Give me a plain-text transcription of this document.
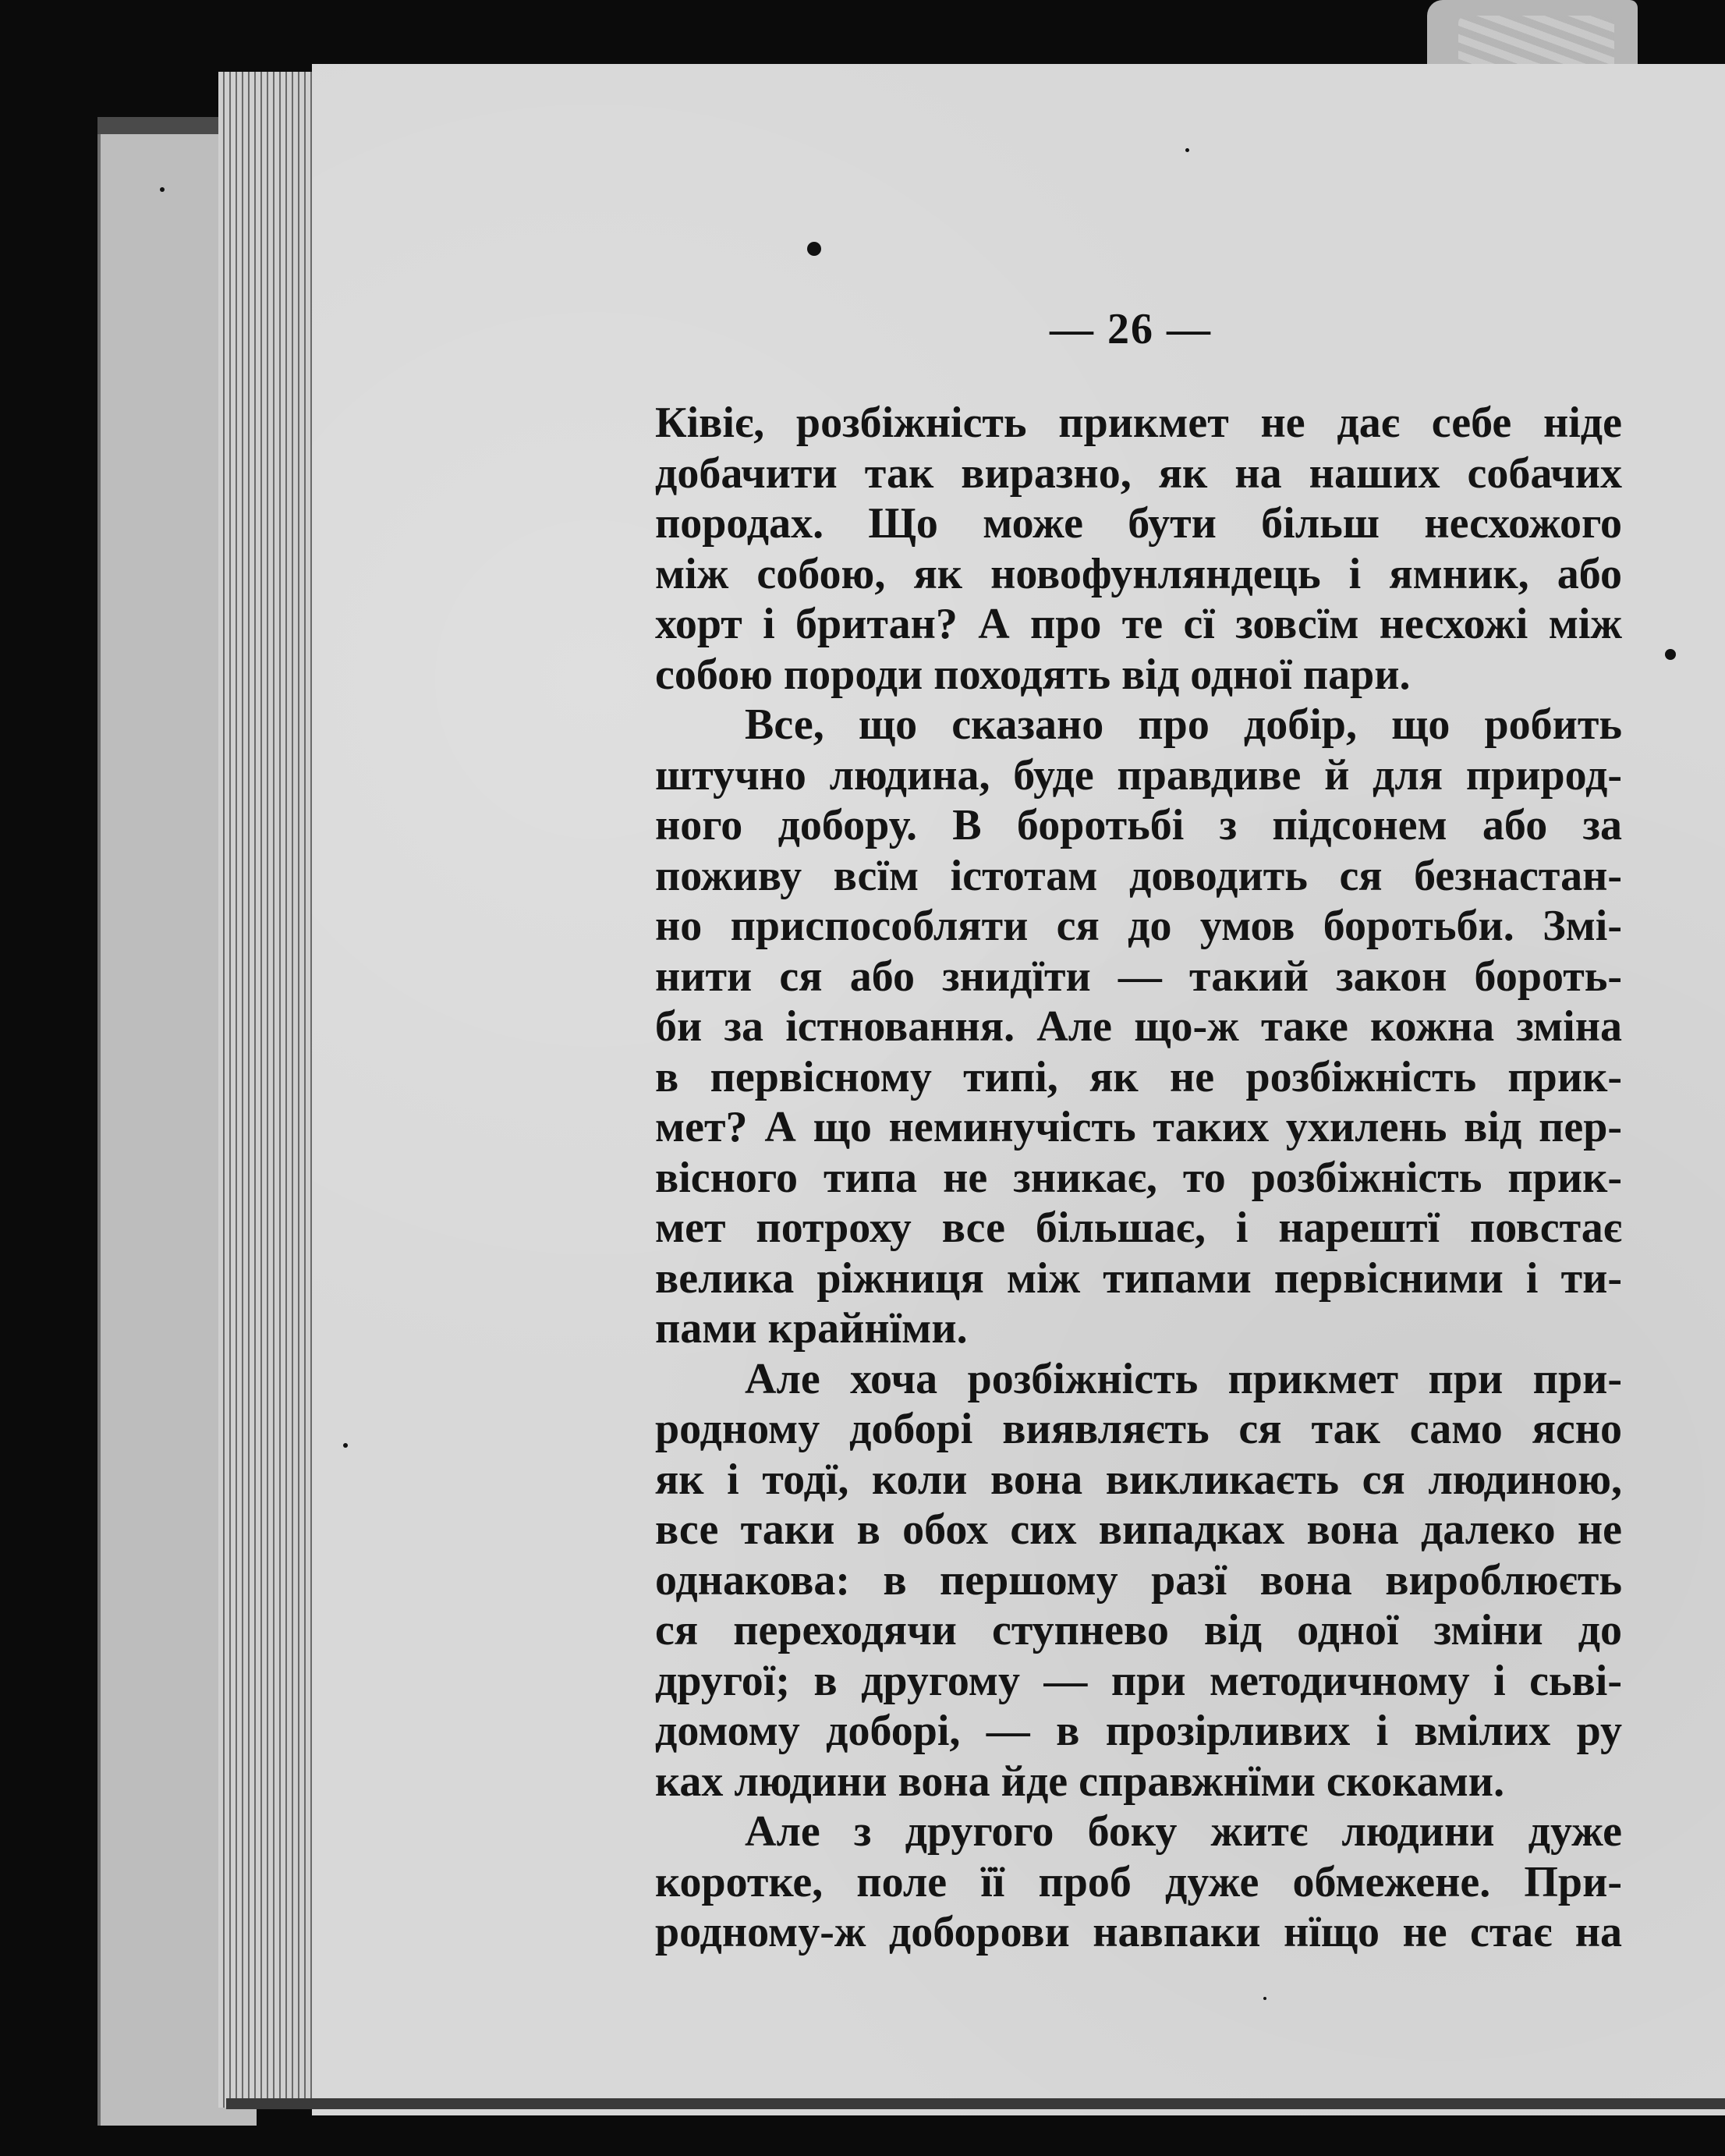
— 26 —
Ківіє, розбіжність прикмет не дає себе ніде
добачити так виразно, як на наших собачих
породах. Що може бути більш несхожого
між собою, як новофунляндець і ямник, або
хорт і британ? А про те сї зовсїм несхожі між
собою породи походять від одної пари.
Все, що сказано про добір, що робить
штучно людина, буде правдиве й для природ-
ного добору. В боротьбі з підсонем або за
поживу всїм істотам доводить ся безнастан-
но приспособляти ся до умов боротьби. Змі-
нити ся або знидїти — такий закон бороть-
би за істновання. Але що-ж таке кожна зміна
в первісному типі, як не розбіжність прик-
мет? А що неминучість таких ухилень від пер-
вісного типа не зникає, то розбіжність прик-
мет потроху все більшає, і нарештї повстає
велика ріжниця між типами первісними і ти-
пами крайнїми.
Але хоча розбіжність прикмет при при-
родному доборі виявляєть ся так само ясно
як і тодї, коли вона викликаєть ся людиною,
все таки в обох сих випадках вона далеко не
однакова: в першому разї вона вироблюєть
ся переходячи ступнево від одної зміни до
другої; в другому — при методичному і сьві-
домому доборі, — в прозірливих і вмілих ру
ках людини вона йде справжнїми скоками.
Але з другого боку житє людини дуже
коротке, поле її проб дуже обмежене. При-
родному-ж доборови навпаки нїщо не стає на
